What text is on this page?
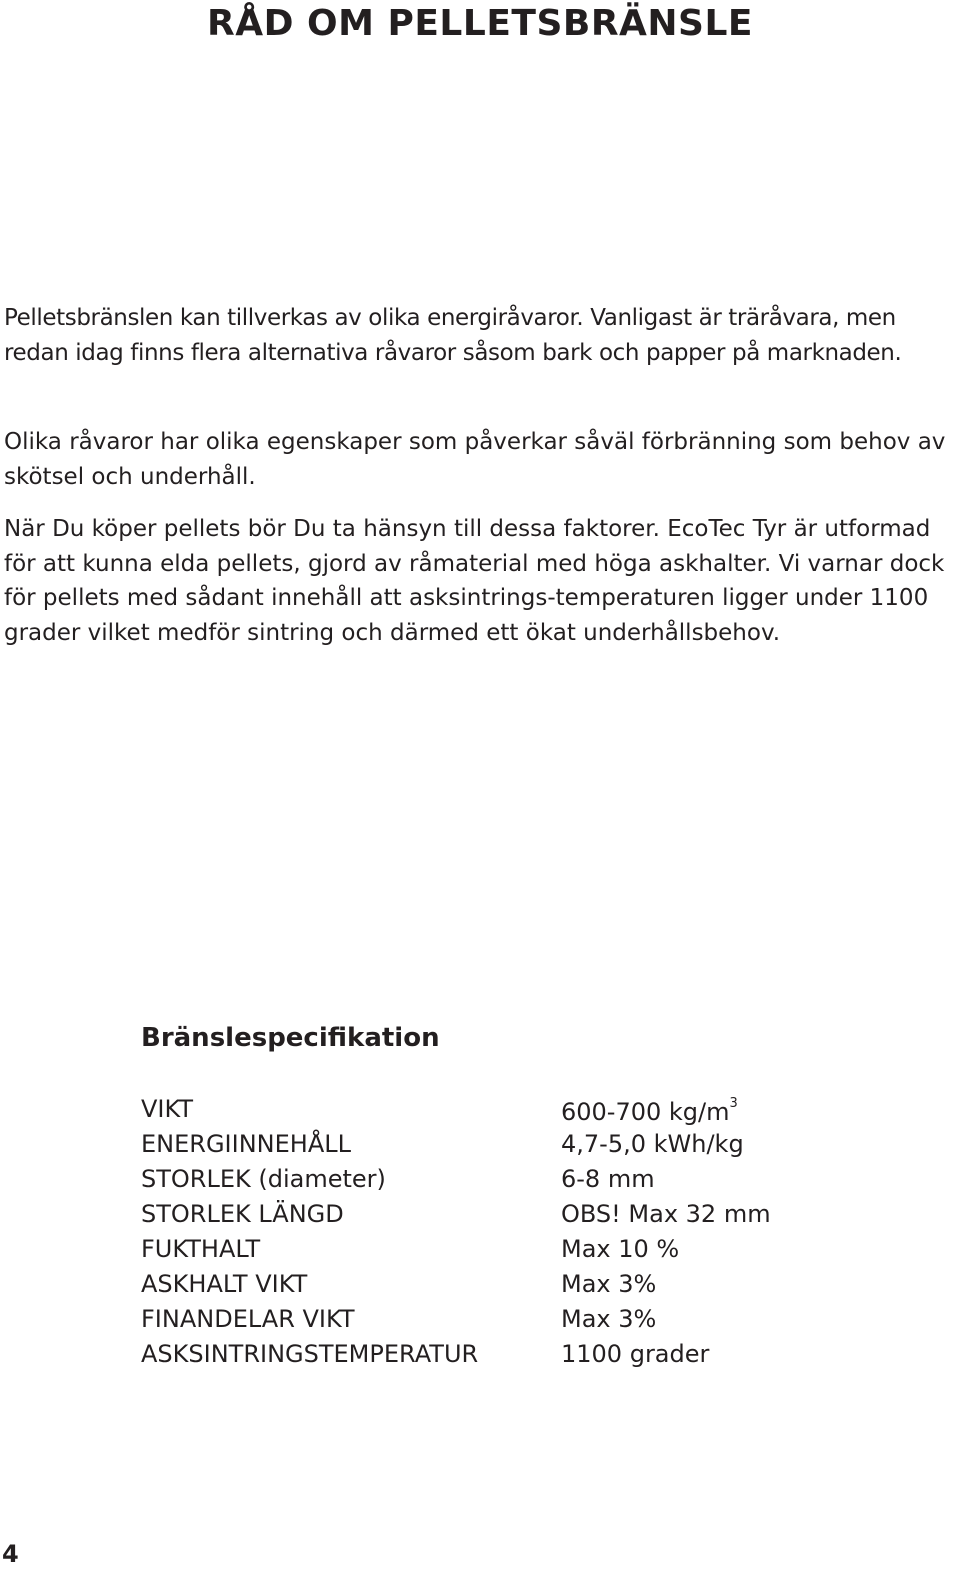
RÅD OM PELLETSBRÄNSLE

Pelletsbränslen kan tillverkas av olika energiråvaror. Vanligast är träråvara, men redan idag finns flera alternativa råvaror såsom bark och papper på marknaden.

Olika råvaror har olika egenskaper som påverkar såväl förbränning som behov av skötsel och underhåll.

När Du köper pellets bör Du ta hänsyn till dessa faktorer. EcoTec Tyr är utformad för att kunna elda pellets, gjord av råmaterial med höga askhalter. Vi varnar dock för pellets med sådant innehåll att asksintrings-temperaturen ligger under 1100 grader vilket medför sintring och därmed ett ökat underhållsbehov.

Bränslespecifikation
VIKT	600-700 $kg/m^3$
ENERGIINNEHÅLL	4,7-5,0 kWh/kg
STORLEK (diameter)	6-8 mm
STORLEK LÄNGD	OBS! Max 32 mm
FUKTHALT	Max 10 %
ASKHALT VIKT	Max 3%
FINANDELAR VIKT	Max 3%
ASKSINTRINGSTEMPERATUR	1100 grader
4
